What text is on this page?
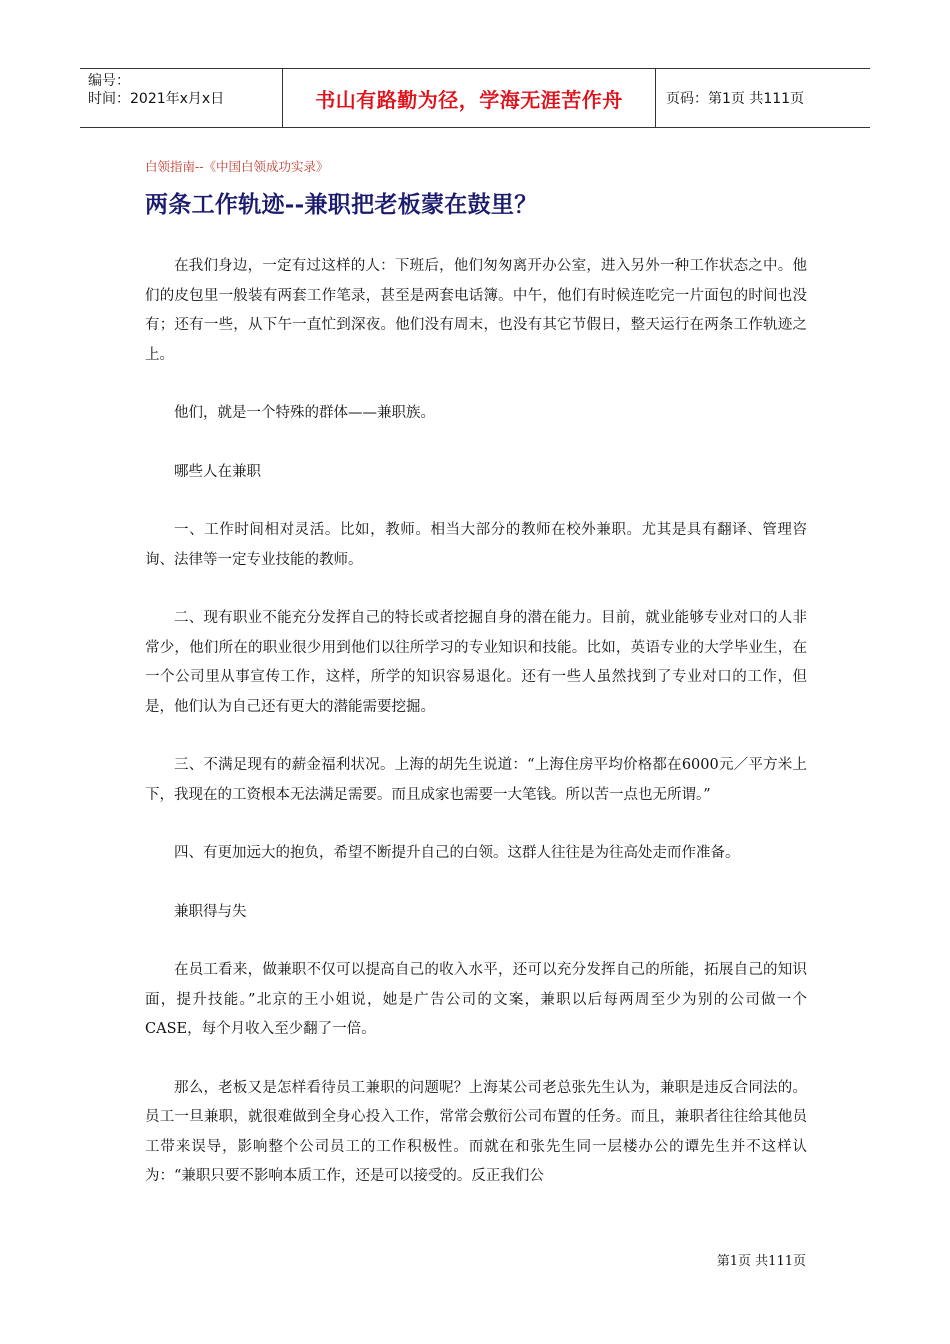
编号：
时间：2021年x月x日	书山有路勤为径，学海无涯苦作舟	页码：第1页 共111页
白领指南--《中国白领成功实录》
两条工作轨迹--兼职把老板蒙在鼓里？

在我们身边，一定有过这样的人：下班后，他们匆匆离开办公室，进入另外一种工作状态之中。他们的皮包里一般装有两套工作笔录，甚至是两套电话簿。中午，他们有时候连吃完一片面包的时间也没有；还有一些，从下午一直忙到深夜。他们没有周末，也没有其它节假日，整天运行在两条工作轨迹之上。

他们，就是一个特殊的群体——兼职族。

哪些人在兼职

一、工作时间相对灵活。比如，教师。相当大部分的教师在校外兼职。尤其是具有翻译、管理咨询、法律等一定专业技能的教师。

二、现有职业不能充分发挥自己的特长或者挖掘自身的潜在能力。目前，就业能够专业对口的人非常少，他们所在的职业很少用到他们以往所学习的专业知识和技能。比如，英语专业的大学毕业生，在一个公司里从事宣传工作，这样，所学的知识容易退化。还有一些人虽然找到了专业对口的工作，但是，他们认为自己还有更大的潜能需要挖掘。

三、不满足现有的薪金福利状况。上海的胡先生说道：“上海住房平均价格都在6000元／平方米上下，我现在的工资根本无法满足需要。而且成家也需要一大笔钱。所以苦一点也无所谓。”

四、有更加远大的抱负，希望不断提升自己的白领。这群人往往是为往高处走而作准备。

兼职得与失

在员工看来，做兼职不仅可以提高自己的收入水平，还可以充分发挥自己的所能，拓展自己的知识面，提升技能。”北京的王小姐说，她是广告公司的文案，兼职以后每两周至少为别的公司做一个CASE，每个月收入至少翻了一倍。

那么，老板又是怎样看待员工兼职的问题呢？上海某公司老总张先生认为，兼职是违反合同法的。员工一旦兼职，就很难做到全身心投入工作，常常会敷衍公司布置的任务。而且，兼职者往往给其他员工带来误导，影响整个公司员工的工作积极性。而就在和张先生同一层楼办公的谭先生并不这样认为：“兼职只要不影响本质工作，还是可以接受的。反正我们公

第1页 共111页
